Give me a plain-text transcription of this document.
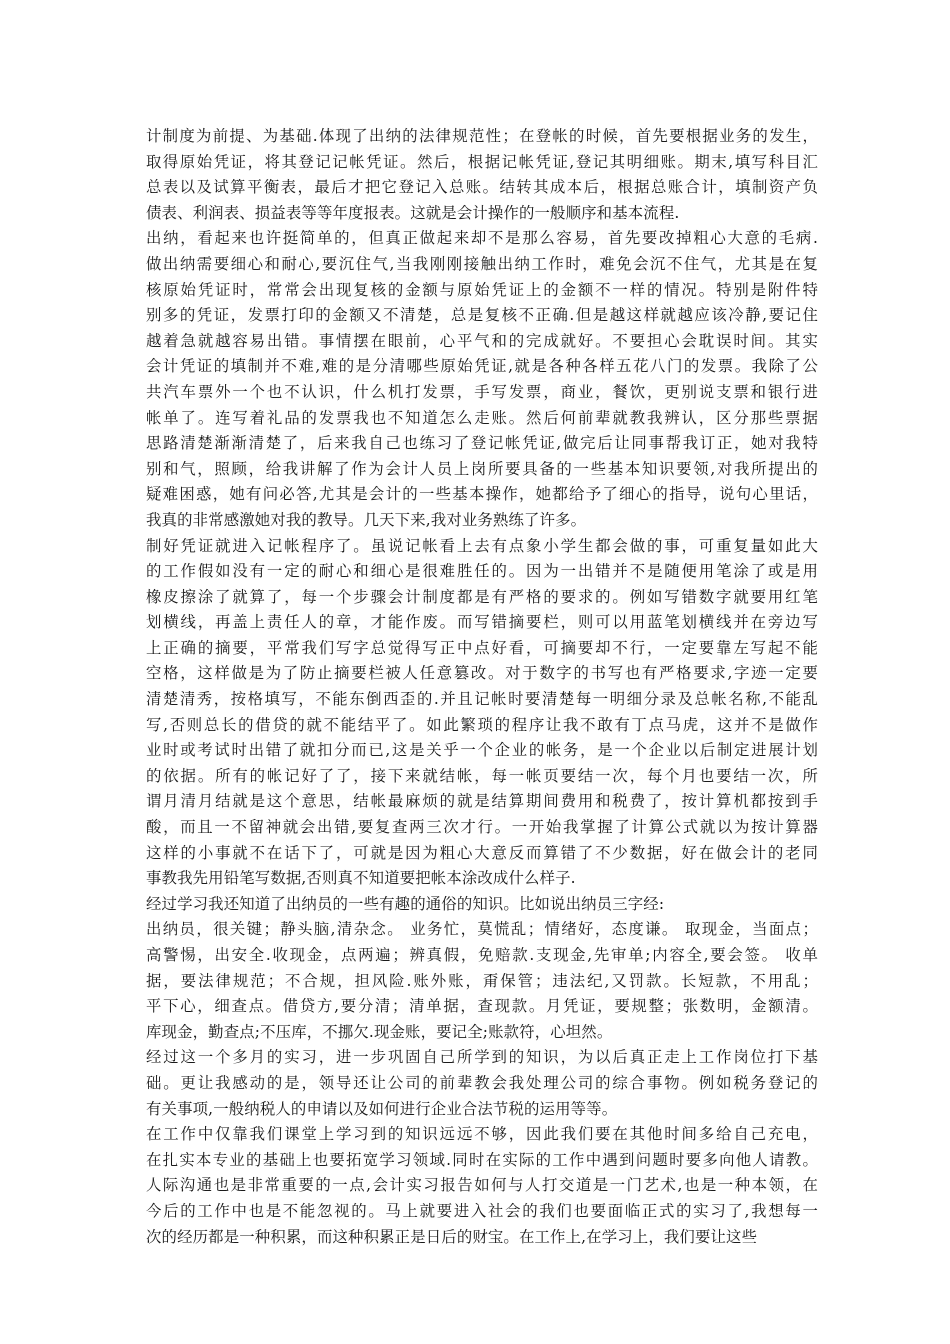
计制度为前提、为基础.体现了出纳的法律规范性；在登帐的时候，首先要根据业务的发生，
取得原始凭证，将其登记记帐凭证。然后，根据记帐凭证,登记其明细账。期末,填写科目汇
总表以及试算平衡表，最后才把它登记入总账。结转其成本后，根据总账合计，填制资产负
债表、利润表、损益表等等年度报表。这就是会计操作的一般顺序和基本流程.
出纳，看起来也许挺简单的，但真正做起来却不是那么容易，首先要改掉粗心大意的毛病.
做出纳需要细心和耐心,要沉住气,当我刚刚接触出纳工作时，难免会沉不住气，尤其是在复
核原始凭证时，常常会出现复核的金额与原始凭证上的金额不一样的情况。特别是附件特
别多的凭证，发票打印的金额又不清楚，总是复核不正确.但是越这样就越应该冷静,要记住
越着急就越容易出错。事情摆在眼前，心平气和的完成就好。不要担心会耽误时间。其实
会计凭证的填制并不难,难的是分清哪些原始凭证,就是各种各样五花八门的发票。我除了公
共汽车票外一个也不认识，什么机打发票，手写发票，商业，餐饮，更别说支票和银行进
帐单了。连写着礼品的发票我也不知道怎么走账。然后何前辈就教我辨认，区分那些票据
思路清楚渐渐清楚了，后来我自己也练习了登记帐凭证,做完后让同事帮我订正，她对我特
别和气，照顾，给我讲解了作为会计人员上岗所要具备的一些基本知识要领,对我所提出的
疑难困惑，她有问必答,尤其是会计的一些基本操作，她都给予了细心的指导，说句心里话，
我真的非常感激她对我的教导。几天下来,我对业务熟练了许多。
制好凭证就进入记帐程序了。虽说记帐看上去有点象小学生都会做的事，可重复量如此大
的工作假如没有一定的耐心和细心是很难胜任的。因为一出错并不是随便用笔涂了或是用
橡皮擦涂了就算了，每一个步骤会计制度都是有严格的要求的。例如写错数字就要用红笔
划横线，再盖上责任人的章，才能作废。而写错摘要栏，则可以用蓝笔划横线并在旁边写
上正确的摘要，平常我们写字总觉得写正中点好看，可摘要却不行，一定要靠左写起不能
空格，这样做是为了防止摘要栏被人任意篡改。对于数字的书写也有严格要求,字迹一定要
清楚清秀，按格填写，不能东倒西歪的.并且记帐时要清楚每一明细分录及总帐名称,不能乱
写,否则总长的借贷的就不能结平了。如此繁琐的程序让我不敢有丁点马虎，这并不是做作
业时或考试时出错了就扣分而已,这是关乎一个企业的帐务，是一个企业以后制定进展计划
的依据。所有的帐记好了了，接下来就结帐，每一帐页要结一次，每个月也要结一次，所
谓月清月结就是这个意思，结帐最麻烦的就是结算期间费用和税费了，按计算机都按到手
酸，而且一不留神就会出错,要复查两三次才行。一开始我掌握了计算公式就以为按计算器
这样的小事就不在话下了，可就是因为粗心大意反而算错了不少数据，好在做会计的老同
事教我先用铅笔写数据,否则真不知道要把帐本涂改成什么样子.
经过学习我还知道了出纳员的一些有趣的通俗的知识。比如说出纳员三字经:
出纳员，很关键；静头脑,清杂念。 业务忙，莫慌乱；情绪好，态度谦。 取现金，当面点；
高警惕，出安全.收现金，点两遍；辨真假，免赔款.支现金,先审单;内容全,要会签。 收单
据，要法律规范；不合规，担风险.账外账，甭保管；违法纪,又罚款。长短款，不用乱；
平下心，细查点。借贷方,要分清；清单据，查现款。月凭证，要规整；张数明，金额清。
库现金，勤查点;不压库，不挪欠.现金账，要记全;账款符，心坦然。
经过这一个多月的实习，进一步巩固自己所学到的知识，为以后真正走上工作岗位打下基
础。更让我感动的是，领导还让公司的前辈教会我处理公司的综合事物。例如税务登记的
有关事项,一般纳税人的申请以及如何进行企业合法节税的运用等等。
在工作中仅靠我们课堂上学习到的知识远远不够，因此我们要在其他时间多给自己充电，
在扎实本专业的基础上也要拓宽学习领域.同时在实际的工作中遇到问题时要多向他人请教。
人际沟通也是非常重要的一点,会计实习报告如何与人打交道是一门艺术,也是一种本领，在
今后的工作中也是不能忽视的。马上就要进入社会的我们也要面临正式的实习了,我想每一
次的经历都是一种积累，而这种积累正是日后的财宝。在工作上,在学习上，我们要让这些
